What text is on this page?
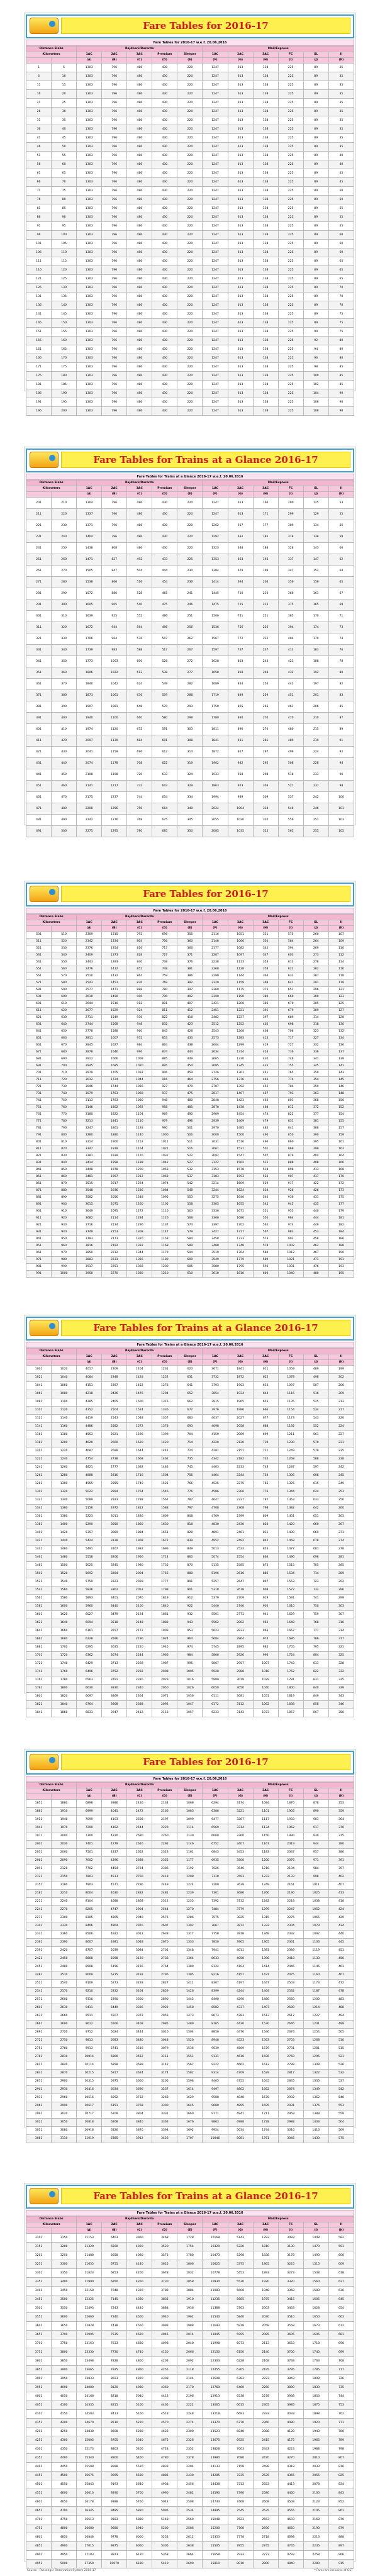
Fare Tables for 2016-17
Fare Tables for 2016-17 w.e.f. 20.06.2016
Distance Slabs		Rajdhani/Duronto					Mail/Express					
Kilometers		1AC	2AC	3AC	Premium	Sleeper	1AC	2AC	3AC	FC	SL	II
		(A)	(B)	(C)	(D)	(E)	(F)	(G)	(H)	(I)	(J)	(K)
1	5	1303	796	486	430	220	1247	613	138	225	89	35
6	10	1303	796	486	430	220	1247	613	138	225	89	35
11	15	1303	796	486	430	220	1247	613	138	225	89	35
16	20	1303	796	486	430	220	1247	613	138	225	89	35
21	25	1303	796	486	430	220	1247	613	138	225	89	35
26	30	1303	796	486	430	220	1247	613	138	225	89	35
31	35	1303	796	486	430	220	1247	613	138	225	89	35
36	40	1303	796	486	430	220	1247	613	138	225	89	35
41	45	1303	796	486	430	220	1247	613	138	225	89	35
46	50	1303	796	486	430	220	1247	613	138	225	89	35
51	55	1303	796	486	430	220	1247	613	138	225	89	40
56	60	1303	796	486	430	220	1247	613	138	225	89	40
61	65	1303	796	486	430	220	1247	613	138	225	89	45
66	70	1303	796	486	430	220	1247	613	138	225	89	45
71	75	1303	796	486	430	220	1247	613	138	225	89	50
76	80	1303	796	486	430	220	1247	613	138	225	89	50
81	85	1303	796	486	430	220	1247	613	138	225	89	55
86	90	1303	796	486	430	220	1247	613	138	225	89	55
91	95	1303	796	486	430	220	1247	613	138	225	89	55
96	100	1303	796	486	430	220	1247	613	138	225	89	60
101	105	1303	796	486	430	220	1247	613	138	225	89	60
106	110	1303	796	486	430	220	1247	613	138	225	89	60
111	115	1303	796	486	430	220	1247	613	138	225	89	65
116	120	1303	796	486	430	220	1247	613	138	225	89	65
121	125	1303	796	486	430	220	1247	613	138	225	89	65
126	130	1303	796	486	430	220	1247	613	138	225	89	70
131	135	1303	796	486	430	220	1247	613	138	225	89	70
136	140	1303	796	486	430	220	1247	613	138	225	89	70
141	145	1303	796	486	430	220	1247	613	138	225	89	75
146	150	1303	796	486	430	220	1247	613	138	225	89	75
151	155	1303	796	486	430	220	1247	613	138	225	90	75
156	160	1303	796	486	430	220	1247	613	138	225	92	80
161	165	1303	796	486	430	220	1247	613	138	225	94	80
166	170	1303	796	486	430	220	1247	613	138	225	96	80
171	175	1303	796	486	430	220	1247	613	138	225	98	85
176	180	1303	796	486	430	220	1247	613	138	225	100	85
181	185	1303	796	486	430	220	1247	613	138	225	102	85
186	190	1303	796	486	430	220	1247	613	138	225	104	90
191	195	1303	796	486	430	220	1247	613	138	225	106	90
196	200	1303	796	486	430	220	1247	613	138	225	108	90
Fare Tables for Trains at a Glance 2016-17
Fare Tables for Trains at a Glance 2016-17 w.e.f. 20.06.2016
Distance Slabs		Rajdhani/Duronto					Mail/Express					
Kilometers		1AC	2AC	3AC	Premium	Sleeper	1AC	2AC	3AC	FC	SL	II
		(A)	(B)	(C)	(D)	(E)	(F)	(G)	(H)	(I)	(J)	(K)
201	210	1304	796	486	430	220	1247	613	166	290	125	53
211	220	1337	796	486	430	220	1247	613	171	299	129	55
221	230	1371	796	486	430	220	1262	617	177	309	134	56
231	240	1404	796	486	430	220	1292	632	182	318	138	58
241	250	1438	808	486	430	220	1323	648	188	328	143	60
251	260	1471	827	492	433	225	1353	663	193	337	147	62
261	270	1505	847	504	444	230	1384	679	199	347	152	64
271	280	1538	866	516	454	236	1414	694	204	356	156	65
281	290	1572	886	528	465	241	1445	710	210	366	161	67
291	300	1605	905	540	475	246	1475	725	215	375	165	69
301	310	1639	925	552	486	251	1506	741	221	385	170	71
311	320	1672	944	564	496	256	1536	756	226	394	174	73
321	330	1706	964	576	507	262	1567	772	232	404	179	74
331	340	1739	983	588	517	267	1597	787	237	413	183	76
341	350	1773	1003	600	528	272	1628	803	243	423	188	78
351	360	1806	1022	612	538	277	1658	818	248	432	192	80
361	370	1840	1042	624	549	282	1689	834	254	442	197	82
371	380	1873	1061	636	559	288	1719	849	259	451	201	83
381	390	1907	1081	648	570	293	1750	865	265	461	206	85
391	400	1940	1100	660	580	298	1780	880	270	470	210	87
401	410	1974	1120	672	591	303	1811	896	276	480	215	89
411	420	2007	1139	684	601	308	1841	911	281	489	219	91
421	430	2041	1159	696	612	314	1872	927	287	499	224	92
431	440	2074	1178	708	622	319	1902	942	292	508	228	94
441	450	2108	1198	720	633	324	1933	958	298	518	233	96
451	460	2141	1217	732	643	329	1963	973	303	527	237	98
461	470	2175	1237	744	654	334	1994	989	309	537	242	100
471	480	2208	1256	756	664	340	2024	1004	314	546	246	101
481	490	2242	1276	768	675	345	2055	1020	320	556	251	103
491	500	2275	1295	780	685	350	2085	1035	325	565	255	105
Fare Tables for 2016-17
Fare Tables for 2016-17 w.e.f. 20.06.2016
Distance Slabs		Rajdhani/Duronto					Mail/Express					
Kilometers		1AC	2AC	3AC	Premium	Sleeper	1AC	2AC	3AC	FC	SL	II
		(A)	(B)	(C)	(D)	(E)	(F)	(G)	(H)	(I)	(J)	(K)
501	510	2309	1315	792	696	355	2116	1051	331	575	260	107
511	520	2342	1334	804	706	360	2146	1066	336	584	264	109
521	530	2376	1354	816	717	366	2177	1082	342	594	269	110
531	540	2409	1373	828	727	371	2207	1097	347	603	273	112
541	550	2443	1393	840	738	376	2238	1113	353	613	278	114
551	560	2476	1412	852	748	381	2268	1128	358	622	282	116
561	570	2510	1432	864	759	386	2299	1144	364	632	287	118
571	580	2543	1451	876	769	392	2329	1159	369	641	291	119
581	590	2577	1471	888	780	397	2360	1175	375	651	296	121
591	600	2610	1490	900	790	402	2390	1190	380	660	300	123
601	610	2644	1510	912	801	407	2421	1206	386	670	305	125
611	620	2677	1529	924	811	412	2451	1221	391	679	309	127
621	630	2711	1549	936	822	418	2482	1237	397	689	314	128
631	640	2744	1568	948	832	423	2512	1252	402	698	318	130
641	650	2778	1588	960	843	428	2543	1268	408	708	323	132
651	660	2811	1607	972	853	433	2573	1283	413	717	327	134
661	670	2845	1627	984	864	438	2604	1299	419	727	332	136
671	680	2878	1646	996	874	444	2634	1314	424	736	336	137
681	690	2912	1666	1008	885	449	2665	1330	430	746	341	139
691	700	2945	1685	1020	895	454	2695	1345	435	755	345	141
701	710	2979	1705	1032	906	459	2726	1361	441	765	350	143
711	720	3012	1724	1044	916	464	2756	1376	446	774	354	145
721	730	3046	1744	1056	927	470	2787	1392	452	784	359	146
731	740	3079	1763	1068	937	475	2817	1407	457	793	363	148
741	750	3113	1783	1080	948	480	2848	1423	463	803	368	150
751	760	3146	1802	1092	958	485	2878	1438	468	812	372	152
761	770	3180	1822	1104	969	490	2909	1454	474	822	377	154
771	780	3213	1841	1116	979	496	2939	1469	479	831	381	155
781	790	3247	1861	1128	990	501	2970	1485	485	841	386	157
791	800	3280	1880	1140	1000	506	3000	1500	490	850	390	159
801	810	3314	1900	1152	1011	511	3031	1516	496	860	395	161
811	820	3347	1919	1164	1021	516	3061	1531	501	869	399	163
821	830	3381	1939	1176	1032	522	3092	1547	507	879	404	164
831	840	3414	1958	1188	1042	527	3122	1562	512	888	408	166
841	850	3448	1978	1200	1053	532	3153	1578	518	898	413	168
851	860	3481	1997	1212	1063	537	3183	1593	523	907	417	170
861	870	3515	2017	1224	1074	542	3214	1609	529	917	422	172
871	880	3548	2036	1236	1084	548	3244	1624	534	926	426	173
881	890	3582	2056	1248	1095	553	3275	1640	540	936	431	175
891	900	3615	2075	1260	1105	558	3305	1655	545	945	435	177
901	910	3649	2095	1272	1116	563	3336	1671	551	955	440	179
911	920	3682	2114	1284	1126	568	3366	1686	556	964	444	181
921	930	3716	2134	1296	1137	574	3397	1702	562	974	449	182
931	940	3749	2153	1308	1147	579	3427	1717	567	983	453	184
941	950	3783	2173	1320	1158	584	3458	1733	573	993	458	186
951	960	3816	2192	1332	1168	589	3488	1748	578	1002	462	188
961	970	3850	2212	1344	1179	594	3519	1764	584	1012	467	190
971	980	3883	2231	1356	1189	600	3549	1779	589	1021	471	191
981	990	3917	2251	1368	1200	605	3580	1795	595	1031	476	193
991	1000	3950	2270	1380	1210	610	3610	1810	600	1040	480	195
Fare Tables for Trains at a Glance 2016-17
Fare Tables for Trains at a Glance 2016-17 w.e.f. 20.06.2016
Distance Slabs		Rajdhani/Duronto					Mail/Express					
Kilometers		1AC	2AC	3AC	Premium	Sleeper	1AC	2AC	3AC	FC	SL	II
		(A)	(B)	(C)	(D)	(E)	(F)	(G)	(H)	(I)	(J)	(K)
1001	1020	4017	2309	1404	1231	620	3671	1841	611	1059	489	199
1021	1040	4084	2348	1428	1252	631	3732	1872	622	1078	498	202
1041	1060	4151	2387	1452	1273	641	3793	1903	633	1097	507	206
1061	1080	4218	2426	1476	1294	652	3854	1934	644	1116	516	209
1081	1100	4285	2465	1500	1315	662	3915	1965	655	1135	525	213
1101	1120	4352	2504	1524	1336	672	3976	1996	666	1154	534	217
1121	1140	4419	2543	1548	1357	683	4037	2027	677	1173	543	220
1141	1160	4486	2582	1572	1378	693	4098	2058	688	1192	552	224
1161	1180	4553	2621	1596	1399	704	4159	2089	699	1211	561	227
1181	1200	4620	2660	1620	1420	714	4220	2120	710	1230	570	231
1201	1220	4687	2699	1644	1441	724	4281	2151	721	1249	579	235
1221	1240	4754	2738	1668	1462	735	4342	2182	732	1268	588	238
1241	1260	4821	2777	1692	1483	745	4403	2213	743	1287	597	242
1261	1280	4888	2816	1716	1504	756	4464	2244	754	1306	606	245
1281	1300	4955	2855	1740	1525	766	4525	2275	765	1325	615	249
1301	1320	5022	2894	1764	1546	776	4586	2306	776	1344	624	253
1321	1340	5089	2933	1788	1567	787	4647	2337	787	1363	633	256
1341	1360	5156	2972	1812	1588	797	4708	2368	798	1382	642	260
1361	1380	5223	3011	1836	1609	808	4769	2399	809	1401	651	263
1381	1400	5290	3050	1860	1630	818	4830	2430	820	1420	660	267
1401	1420	5357	3089	1884	1651	828	4891	2461	831	1439	669	271
1421	1440	5424	3128	1908	1672	839	4952	2492	842	1458	678	274
1441	1460	5491	3167	1932	1693	849	5013	2523	853	1477	687	278
1461	1480	5558	3206	1956	1714	860	5074	2554	864	1496	696	281
1481	1500	5625	3245	1980	1735	870	5135	2585	875	1515	705	285
1501	1520	5692	3284	2004	1756	880	5196	2616	886	1534	714	289
1521	1540	5759	3323	2028	1777	891	5257	2647	897	1553	723	292
1541	1560	5826	3362	2052	1798	901	5318	2678	908	1572	732	296
1561	1580	5893	3401	2076	1819	912	5379	2709	919	1591	741	299
1581	1600	5960	3440	2100	1840	922	5440	2740	930	1610	750	303
1601	1620	6027	3479	2124	1861	932	5501	2771	941	1629	759	307
1621	1640	6094	3518	2148	1882	943	5562	2802	952	1648	768	310
1641	1660	6161	3557	2172	1903	953	5623	2833	963	1667	777	314
1661	1680	6228	3596	2196	1924	964	5684	2864	974	1686	786	317
1681	1700	6295	3635	2220	1945	974	5745	2895	985	1705	795	321
1701	1720	6362	3674	2244	1966	984	5806	2926	996	1724	804	325
1721	1740	6429	3713	2268	1987	995	5867	2957	1007	1743	813	328
1741	1760	6496	3752	2292	2008	1005	5928	2988	1018	1762	822	332
1761	1780	6563	3791	2316	2029	1016	5989	3019	1029	1781	831	335
1781	1800	6630	3830	2340	2050	1026	6050	3050	1040	1800	840	339
1801	1820	6697	3869	2364	2071	1036	6111	3081	1051	1819	849	343
1821	1840	6764	3908	2388	2092	1047	6172	3112	1062	1838	858	346
1841	1860	6831	3947	2412	2113	1057	6233	3143	1073	1857	867	350
Fare Tables for 2016-17
Fare Tables for 2016-17 w.e.f. 20.06.2016
Distance Slabs		Rajdhani/Duronto					Mail/Express					
Kilometers		1AC	2AC	3AC	Premium	Sleeper	1AC	2AC	3AC	FC	SL	II
		(A)	(B)	(C)	(D)	(E)	(F)	(G)	(H)	(I)	(J)	(K)
1851	1880	6898	3986	2436	2134	1068	6294	3174	1084	1876	876	353
1881	1910	6999	4045	2472	2166	1083	6386	3221	1101	1905	890	359
1911	1940	7099	4103	2508	2197	1099	6477	3267	1117	1933	903	364
1941	1970	7200	4162	2544	2229	1114	6569	3314	1134	1962	917	370
1971	2000	7300	4220	2580	2260	1130	6660	3360	1150	1990	930	375
2001	2030	7401	4279	2616	2292	1146	6752	3407	1167	2019	944	380
2031	2060	7501	4337	2652	2323	1161	6843	3453	1183	2047	957	386
2061	2090	7602	4396	2688	2355	1177	6935	3500	1200	2076	971	391
2091	2120	7702	4454	2724	2386	1192	7026	3546	1216	2104	984	397
2121	2150	7803	4513	2760	2418	1208	7118	3593	1233	2133	998	402
2151	2180	7903	4571	2796	2449	1224	7209	3639	1249	2161	1011	407
2181	2210	8004	4630	2832	2481	1239	7301	3686	1266	2190	1025	413
2211	2240	8104	4688	2868	2512	1255	7392	3732	1282	2218	1038	418
2241	2270	8205	4747	2904	2544	1270	7484	3779	1299	2247	1052	424
2271	2300	8305	4805	2940	2575	1286	7575	3825	1315	2275	1065	429
2301	2330	8406	4864	2976	2607	1302	7667	3872	1332	2304	1079	434
2331	2360	8506	4922	3012	2638	1317	7758	3918	1348	2332	1092	440
2361	2390	8607	4981	3048	2670	1333	7850	3965	1365	2361	1106	445
2391	2420	8707	5039	3084	2701	1348	7941	4011	1381	2389	1119	451
2421	2450	8808	5098	3120	2733	1364	8033	4058	1398	2418	1133	456
2451	2480	8908	5156	3156	2764	1380	8124	4104	1414	2446	1146	461
2481	2510	9009	5215	3192	2796	1395	8216	4151	1431	2475	1160	467
2511	2540	9109	5273	3228	2827	1411	8307	4197	1447	2503	1173	472
2541	2570	9210	5332	3264	2859	1426	8399	4244	1464	2532	1187	478
2571	2600	9310	5390	3300	2890	1442	8490	4290	1480	2560	1200	483
2601	2630	9411	5449	3336	2922	1458	8582	4337	1497	2589	1214	488
2631	2660	9511	5507	3372	2953	1473	8673	4383	1513	2617	1227	494
2661	2690	9612	5566	3408	2985	1489	8765	4430	1530	2646	1241	499
2691	2720	9712	5624	3444	3016	1504	8856	4476	1546	2674	1254	505
2721	2750	9813	5683	3480	3048	1520	8948	4523	1563	2703	1268	510
2751	2780	9913	5741	3516	3079	1536	9039	4569	1579	2731	1281	515
2781	2810	10014	5800	3552	3111	1551	9131	4616	1596	2760	1295	521
2811	2840	10114	5858	3588	3142	1567	9222	4662	1612	2788	1308	526
2841	2870	10215	5917	3624	3174	1582	9314	4709	1629	2817	1322	532
2871	2900	10315	5975	3660	3205	1598	9405	4755	1645	2845	1335	537
2901	2930	10416	6034	3696	3237	1614	9497	4802	1662	2874	1349	542
2931	2960	10516	6092	3732	3268	1629	9588	4848	1678	2902	1362	548
2961	2990	10617	6151	3768	3300	1645	9680	4895	1695	2931	1376	553
2991	3020	10717	6209	3804	3331	1660	9771	4941	1711	2959	1389	559
3021	3050	10818	6268	3840	3363	1676	9863	4988	1728	2988	1403	564
3051	3080	10918	6326	3876	3394	1692	9954	5034	1744	3016	1416	569
3081	3110	11019	6385	3912	3426	1707	10046	5081	1761	3045	1430	575
Fare Tables for Trains at a Glance 2016-17
Fare Tables for Trains at a Glance 2016-17 w.e.f. 20.06.2016
Distance Slabs		Rajdhani/Duronto					Mail/Express					
Kilometers		1AC	2AC	3AC	Premium	Sleeper	1AC	2AC	3AC	FC	SL	II
		(A)	(B)	(C)	(D)	(E)	(F)	(G)	(H)	(I)	(J)	(K)
3101	3150	11153	6463	3960	3468	1728	10168	5143	1783	3083	1448	582
3151	3200	11320	6560	4020	3520	1754	10320	5220	1810	3130	1470	591
3201	3250	11488	6658	4080	3573	1780	10473	5298	1838	3178	1493	600
3251	3300	11655	6755	4140	3625	1806	10625	5375	1865	3225	1515	609
3301	3350	11823	6853	4200	3678	1832	10778	5453	1893	3273	1538	618
3351	3400	11990	6950	4260	3730	1858	10930	5530	1920	3320	1560	627
3401	3450	12158	7048	4320	3783	1884	11083	5608	1948	3368	1583	636
3451	3500	12325	7145	4380	3835	1910	11235	5685	1975	3415	1605	645
3501	3550	12493	7243	4440	3888	1936	11388	5763	2003	3463	1628	654
3551	3600	12660	7340	4500	3940	1962	11540	5840	2030	3510	1650	663
3601	3650	12828	7438	4560	3993	1988	11693	5918	2058	3558	1673	672
3651	3700	12995	7535	4620	4045	2014	11845	5995	2085	3605	1695	681
3701	3750	13163	7633	4680	4098	2040	11998	6073	2113	3653	1718	690
3751	3800	13330	7730	4740	4150	2066	12150	6150	2140	3700	1740	699
3801	3850	13498	7828	4800	4203	2092	12303	6228	2168	3748	1763	708
3851	3900	13665	7925	4860	4255	2118	12455	6305	2195	3795	1785	717
3901	3950	13833	8023	4920	4308	2144	12608	6383	2223	3843	1808	726
3951	4000	14000	8120	4980	4360	2170	12760	6460	2250	3890	1830	735
4001	4050	14168	8218	5040	4413	2196	12913	6538	2278	3938	1853	744
4051	4100	14335	8315	5100	4465	2222	13065	6615	2305	3985	1875	753
4101	4150	14503	8413	5160	4518	2248	13218	6693	2333	4033	1898	762
4151	4200	14670	8510	5220	4570	2274	13370	6770	2360	4080	1920	771
4201	4250	14838	8608	5280	4623	2300	13523	6848	2388	4128	1943	780
4251	4300	15005	8705	5340	4675	2326	13675	6925	2415	4175	1965	789
4301	4350	15173	8803	5400	4728	2352	13828	7003	2443	4223	1988	798
4351	4400	15340	8900	5460	4780	2378	13980	7080	2470	4270	2010	807
4401	4450	15508	8998	5520	4833	2404	14133	7158	2498	4318	2033	816
4451	4500	15675	9095	5580	4885	2430	14285	7235	2525	4365	2055	825
4501	4550	15843	9193	5640	4938	2456	14438	7313	2553	4413	2078	834
4551	4600	16010	9290	5700	4990	2482	14590	7390	2580	4460	2100	843
4601	4650	16178	9388	5760	5043	2508	14743	7468	2608	4508	2123	852
4651	4700	16345	9485	5820	5095	2534	14895	7545	2635	4555	2145	861
4701	4750	16513	9583	5880	5148	2560	15048	7623	2663	4603	2168	870
4751	4800	16680	9680	5940	5200	2586	15200	7700	2690	4650	2190	879
4801	4850	16848	9778	6000	5253	2612	15353	7778	2718	4698	2213	888
4851	4900	17015	9875	6060	5305	2638	15505	7855	2745	4745	2235	897
4901	4950	17183	9973	6120	5358	2664	15658	7933	2773	4793	2258	906
4951	5000	17350	10070	6180	5410	2690	15810	8010	2800	4840	2280	915
Source : Passenger Reservation System 2016-17	* Fares are inclusive of GST
